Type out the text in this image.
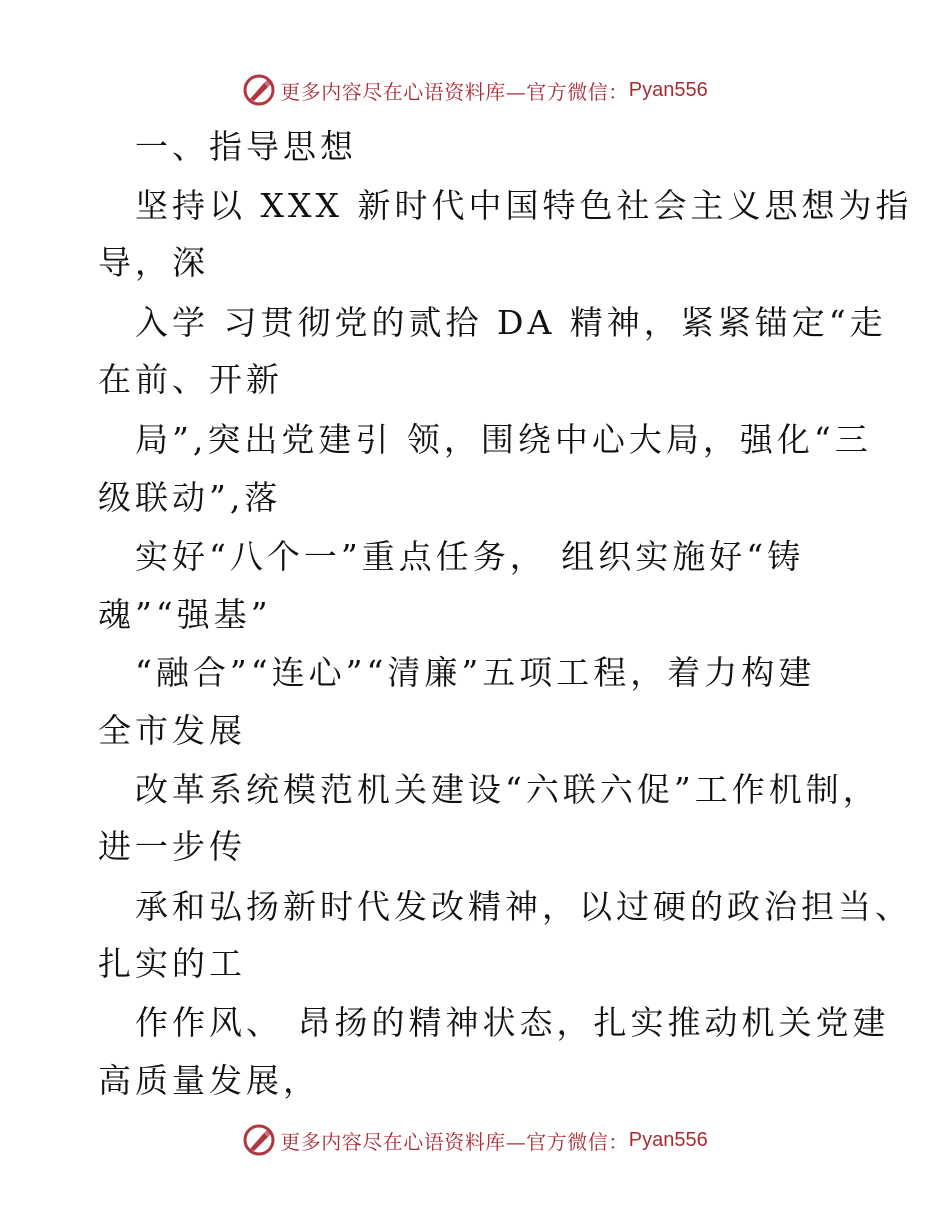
更多内容尽在心语资料库—官方微信： Pyan556
一、指导思想
坚持以 XXX 新时代中国特色社会主义思想为指
导，深
入学 习贯彻党的贰拾 DA 精神，紧紧锚定“走
在前、开新
局”,突出党建引 领，围绕中心大局，强化“三
级联动”,落
实好“八个一”重点任务， 组织实施好“铸
魂”“强基”
“融合”“连心”“清廉”五项工程，着力构建
全市发展
改革系统模范机关建设“六联六促”工作机制，
进一步传
承和弘扬新时代发改精神，以过硬的政治担当、
扎实的工
作作风、 昂扬的精神状态，扎实推动机关党建
高质量发展，
更多内容尽在心语资料库—官方微信： Pyan556
